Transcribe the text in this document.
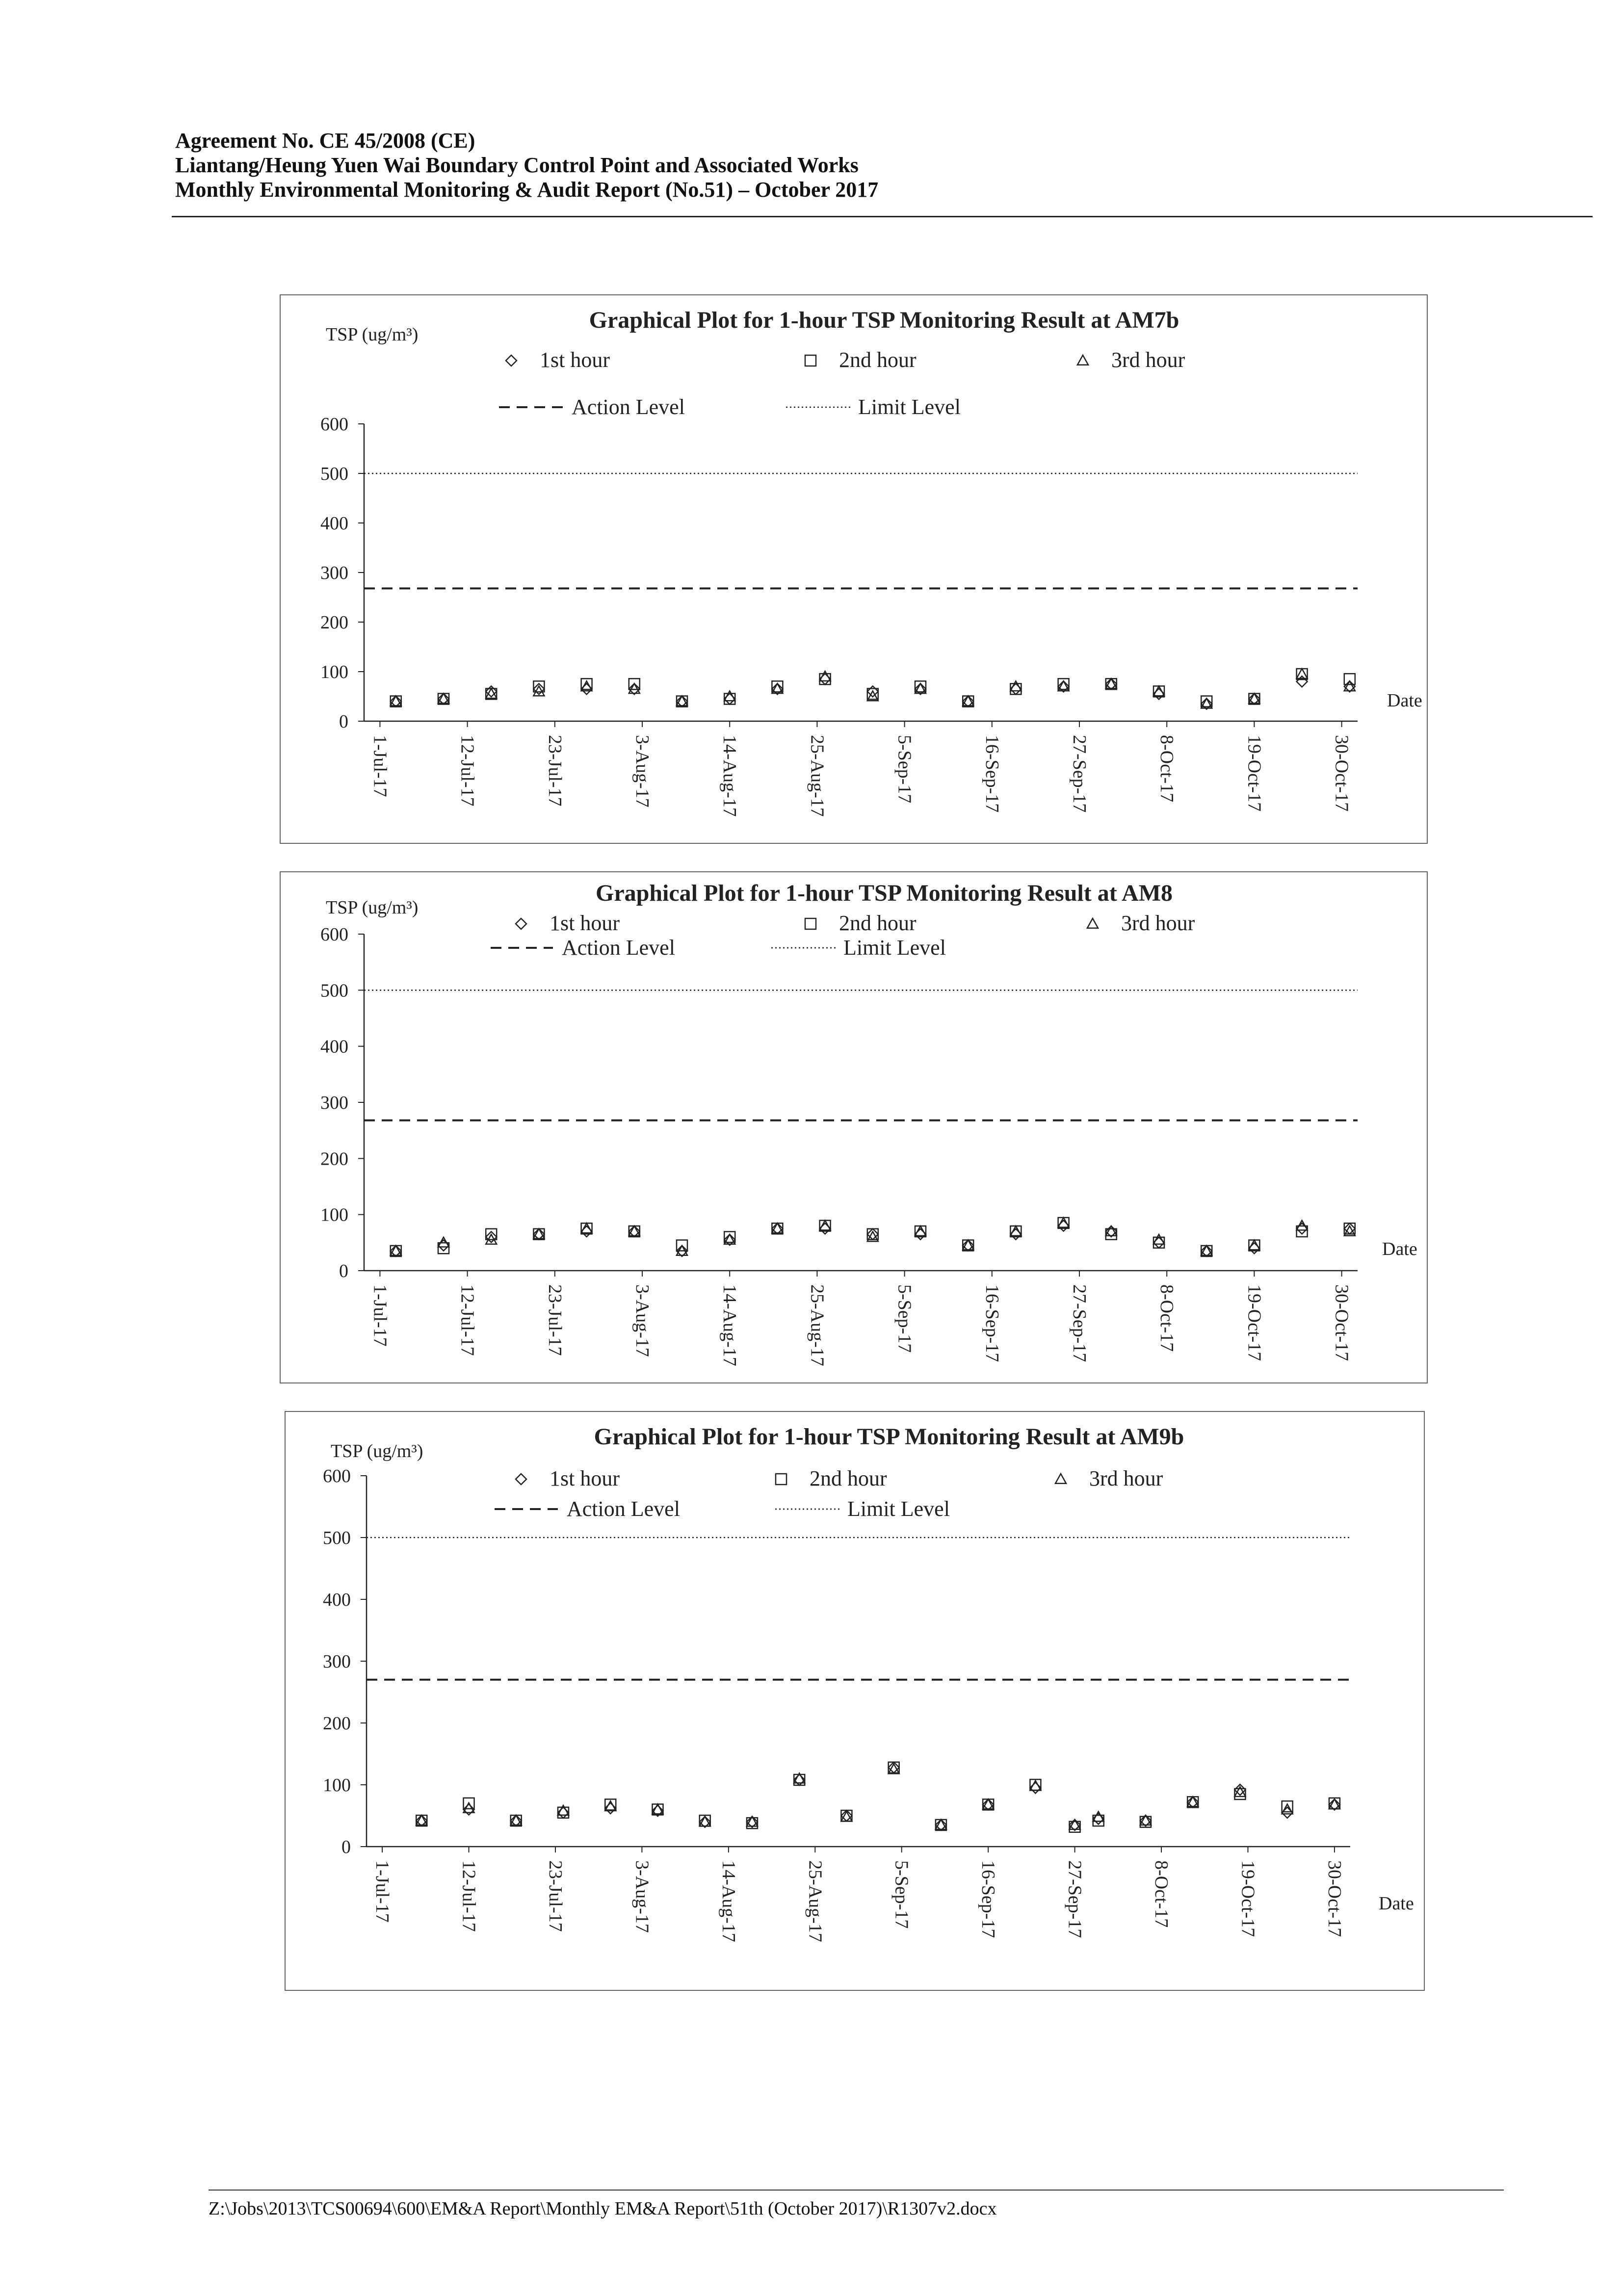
Agreement No. CE 45/2008 (CE)
Liantang/Heung Yuen Wai Boundary Control Point and Associated Works
Monthly Environmental Monitoring & Audit Report (No.51) – October 2017
Graphical Plot for 1-hour TSP Monitoring Result at AM7b
TSP (ug/m³)
0
100
200
300
400
500
600
1-Jul-17	12-Jul-17	23-Jul-17	3-Aug-17	14-Aug-17	25-Aug-17	5-Sep-17	16-Sep-17	27-Sep-17	8-Oct-17	19-Oct-17	30-Oct-17
Date
1st hour	2nd hour	3rd hour
Action Level	Limit Level
Graphical Plot for 1-hour TSP Monitoring Result at AM8
TSP (ug/m³)
0
100
200
300
400
500
600
1-Jul-17	12-Jul-17	23-Jul-17	3-Aug-17	14-Aug-17	25-Aug-17	5-Sep-17	16-Sep-17	27-Sep-17	8-Oct-17	19-Oct-17	30-Oct-17
Date
1st hour	2nd hour	3rd hour
Action Level	Limit Level
Graphical Plot for 1-hour TSP Monitoring Result at AM9b
TSP (ug/m³)
0
100
200
300
400
500
600
1-Jul-17	12-Jul-17	23-Jul-17	3-Aug-17	14-Aug-17	25-Aug-17	5-Sep-17	16-Sep-17	27-Sep-17	8-Oct-17	19-Oct-17	30-Oct-17 Date
1st hour	2nd hour	3rd hour
Action Level	Limit Level
Z:\Jobs\2013\TCS00694\600\EM&A Report\Monthly EM&A Report\51th (October 2017)\R1307v2.docx
